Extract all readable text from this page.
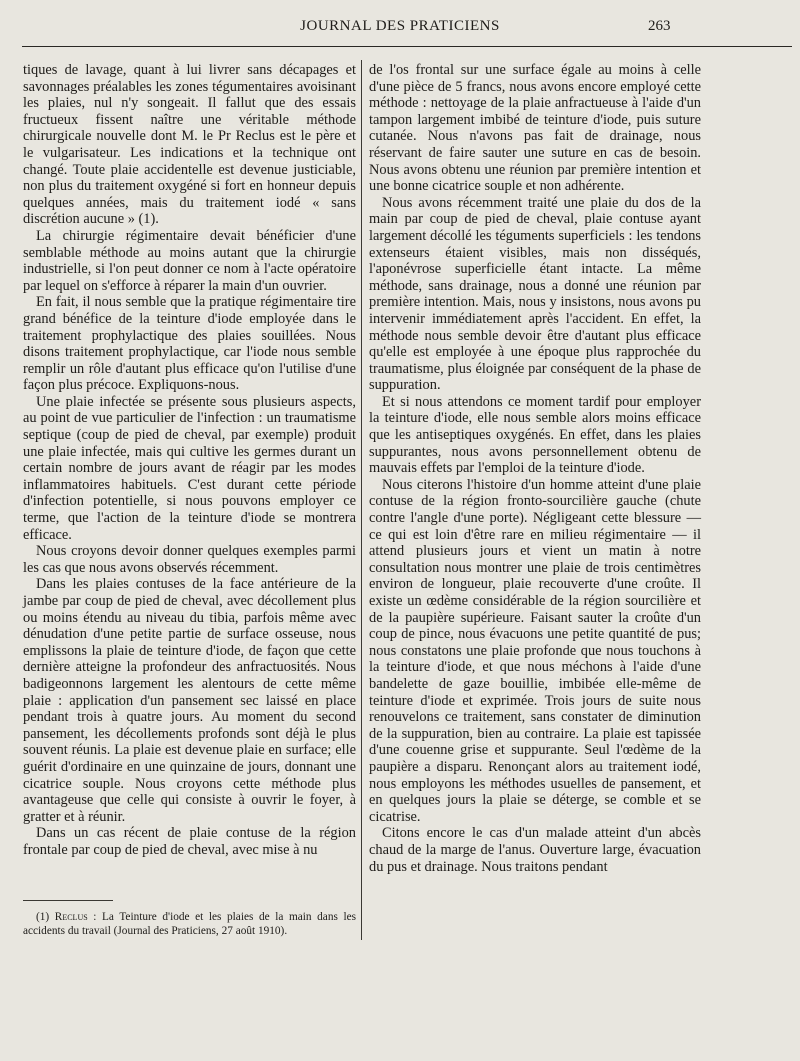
JOURNAL DES PRATICIENS	263

tiques de lavage, quant à lui livrer sans décapages et savonnages préalables les zones tégumentaires avoisinant les plaies, nul n'y songeait. Il fallut que des essais fructueux fissent naître une véritable méthode chirurgicale nouvelle dont M. le Pr Reclus est le père et le vulgarisateur. Les indications et la technique ont changé. Toute plaie accidentelle est devenue justiciable, non plus du traitement oxygéné si fort en honneur depuis quelques années, mais du traitement iodé « sans discrétion aucune » (1).

La chirurgie régimentaire devait bénéficier d'une semblable méthode au moins autant que la chirurgie industrielle, si l'on peut donner ce nom à l'acte opératoire par lequel on s'efforce à réparer la main d'un ouvrier.

En fait, il nous semble que la pratique régimentaire tire grand bénéfice de la teinture d'iode employée dans le traitement prophylactique des plaies souillées. Nous disons traitement prophylactique, car l'iode nous semble remplir un rôle d'autant plus efficace qu'on l'utilise d'une façon plus précoce. Expliquons-nous.

Une plaie infectée se présente sous plusieurs aspects, au point de vue particulier de l'infection : un traumatisme septique (coup de pied de cheval, par exemple) produit une plaie infectée, mais qui cultive les germes durant un certain nombre de jours avant de réagir par les modes inflammatoires habituels. C'est durant cette période d'infection potentielle, si nous pouvons employer ce terme, que l'action de la teinture d'iode se montrera efficace.

Nous croyons devoir donner quelques exemples parmi les cas que nous avons observés récemment.

Dans les plaies contuses de la face antérieure de la jambe par coup de pied de cheval, avec décollement plus ou moins étendu au niveau du tibia, parfois même avec dénudation d'une petite partie de surface osseuse, nous emplissons la plaie de teinture d'iode, de façon que cette dernière atteigne la profondeur des anfractuosités. Nous badigeonnons largement les alentours de cette même plaie : application d'un pansement sec laissé en place pendant trois à quatre jours. Au moment du second pansement, les décollements profonds sont déjà le plus souvent réunis. La plaie est devenue plaie en surface; elle guérit d'ordinaire en une quinzaine de jours, donnant une cicatrice souple. Nous croyons cette méthode plus avantageuse que celle qui consiste à ouvrir le foyer, à gratter et à réunir.

Dans un cas récent de plaie contuse de la région frontale par coup de pied de cheval, avec mise à nu

de l'os frontal sur une surface égale au moins à celle d'une pièce de 5 francs, nous avons encore employé cette méthode : nettoyage de la plaie anfractueuse à l'aide d'un tampon largement imbibé de teinture d'iode, puis suture cutanée. Nous n'avons pas fait de drainage, nous réservant de faire sauter une suture en cas de besoin. Nous avons obtenu une réunion par première intention et une bonne cicatrice souple et non adhérente.

Nous avons récemment traité une plaie du dos de la main par coup de pied de cheval, plaie contuse ayant largement décollé les téguments superficiels : les tendons extenseurs étaient visibles, mais non disséqués, l'aponévrose superficielle étant intacte. La même méthode, sans drainage, nous a donné une réunion par première intention. Mais, nous y insistons, nous avons pu intervenir immédiatement après l'accident. En effet, la méthode nous semble devoir être d'autant plus efficace qu'elle est employée à une époque plus rapprochée du traumatisme, plus éloignée par conséquent de la phase de suppuration.

Et si nous attendons ce moment tardif pour employer la teinture d'iode, elle nous semble alors moins efficace que les antiseptiques oxygénés. En effet, dans les plaies suppurantes, nous avons personnellement obtenu de mauvais effets par l'emploi de la teinture d'iode.

Nous citerons l'histoire d'un homme atteint d'une plaie contuse de la région fronto-sourcilière gauche (chute contre l'angle d'une porte). Négligeant cette blessure — ce qui est loin d'être rare en milieu régimentaire — il attend plusieurs jours et vient un matin à notre consultation nous montrer une plaie de trois centimètres environ de longueur, plaie recouverte d'une croûte. Il existe un œdème considérable de la région sourcilière et de la paupière supérieure. Faisant sauter la croûte d'un coup de pince, nous évacuons une petite quantité de pus; nous constatons une plaie profonde que nous touchons à la teinture d'iode, et que nous méchons à l'aide d'une bandelette de gaze bouillie, imbibée elle-même de teinture d'iode et exprimée. Trois jours de suite nous renouvelons ce traitement, sans constater de diminution de la suppuration, bien au contraire. La plaie est tapissée d'une couenne grise et suppurante. Seul l'œdème de la paupière a disparu. Renonçant alors au traitement iodé, nous employons les méthodes usuelles de pansement, et en quelques jours la plaie se déterge, se comble et se cicatrise.

Citons encore le cas d'un malade atteint d'un abcès chaud de la marge de l'anus. Ouverture large, évacuation du pus et drainage. Nous traitons pendant

(1) Reclus : La Teinture d'iode et les plaies de la main dans les accidents du travail (Journal des Praticiens, 27 août 1910).
